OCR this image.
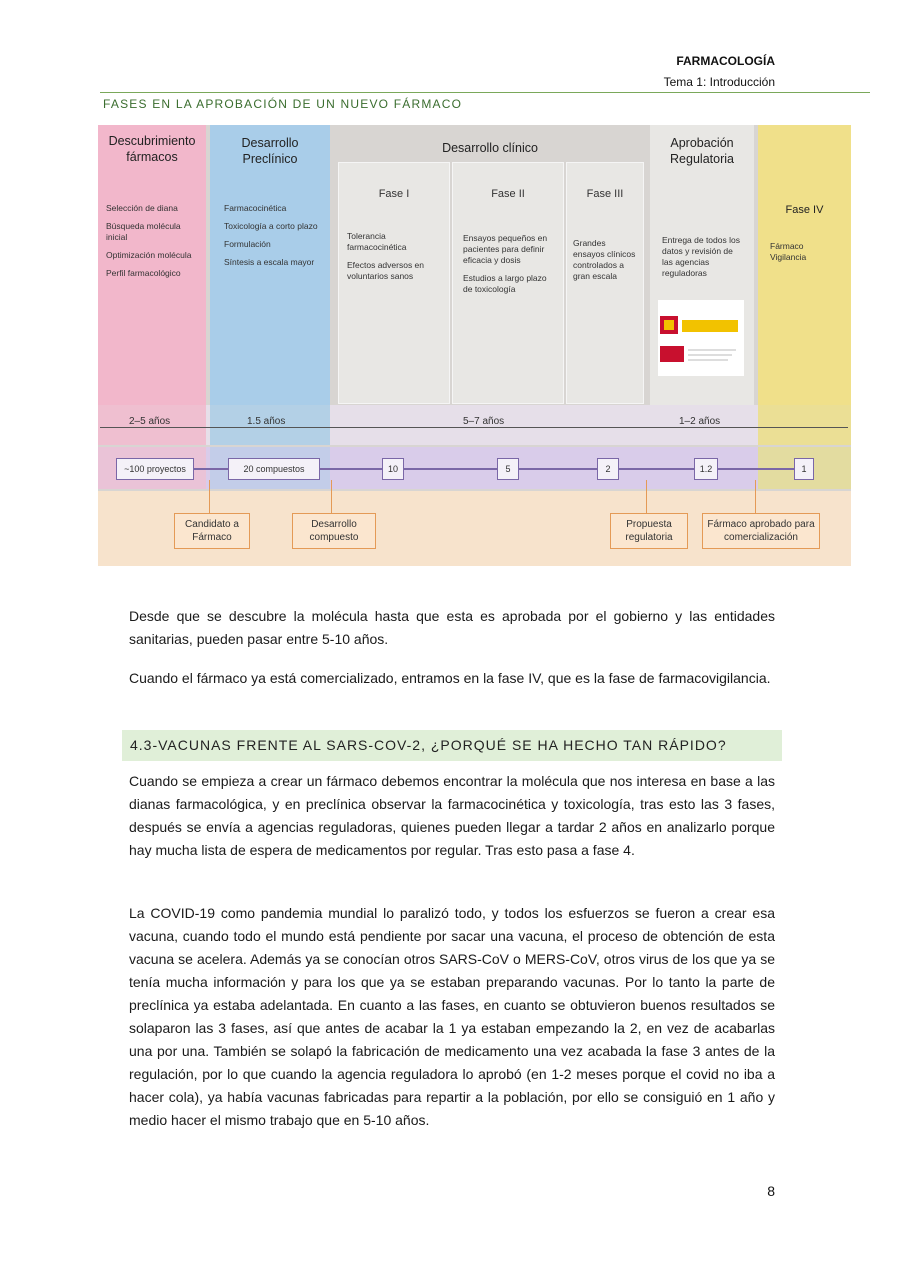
FARMACOLOGÍA
Tema 1: Introducción
FASES EN LA APROBACIÓN DE UN NUEVO FÁRMACO
Descubrimiento fármacos

Selección de diana

Búsqueda molécula inicial

Optimización molécula

Perfil farmacológico

Desarrollo Preclínico

Farmacocinética

Toxicología a corto plazo

Formulación

Síntesis a escala mayor

Desarrollo clínico
Fase I

Tolerancia farmacocinética

Efectos adversos en voluntarios sanos

Fase II

Ensayos pequeños en pacientes para definir eficacia y dosis

Estudios a largo plazo de toxicología

Fase III

Grandes ensayos clínicos controlados a gran escala

Aprobación Regulatoria

Entrega de todos los datos y revisión de las agencias reguladoras

Fase IV

Fármaco Vigilancia

2–5 años	1.5 años	5–7 años	1–2 años
~100 proyectos	20 compuestos	10	5	2	1.2	1
Candidato a Fármaco
Desarrollo compuesto
Propuesta regulatoria
Fármaco aprobado para comercialización
Desde que se descubre la molécula hasta que esta es aprobada por el gobierno y las entidades sanitarias, pueden pasar entre 5-10 años.
Cuando el fármaco ya está comercializado, entramos en la fase IV, que es la fase de farmacovigilancia.
4.3-VACUNAS FRENTE AL SARS-COV-2, ¿PORQUÉ SE HA HECHO TAN RÁPIDO?
Cuando se empieza a crear un fármaco debemos encontrar la molécula que nos interesa en base a las dianas farmacológica, y en preclínica observar la farmacocinética y toxicología, tras esto las 3 fases, después se envía a agencias reguladoras, quienes pueden llegar a tardar 2 años en analizarlo porque hay mucha lista de espera de medicamentos por regular. Tras esto pasa a fase 4.
La COVID-19 como pandemia mundial lo paralizó todo, y todos los esfuerzos se fueron a crear esa vacuna, cuando todo el mundo está pendiente por sacar una vacuna, el proceso de obtención de esta vacuna se acelera. Además ya se conocían otros SARS-CoV o MERS-CoV, otros virus de los que ya se tenía mucha información y para los que ya se estaban preparando vacunas. Por lo tanto la parte de preclínica ya estaba adelantada. En cuanto a las fases, en cuanto se obtuvieron buenos resultados se solaparon las 3 fases, así que antes de acabar la 1 ya estaban empezando la 2, en vez de acabarlas una por una. También se solapó la fabricación de medicamento una vez acabada la fase 3 antes de la regulación, por lo que cuando la agencia reguladora lo aprobó (en 1-2 meses porque el covid no iba a hacer cola), ya había vacunas fabricadas para repartir a la población, por ello se consiguió en 1 año y medio hacer el mismo trabajo que en 5-10 años.
8
